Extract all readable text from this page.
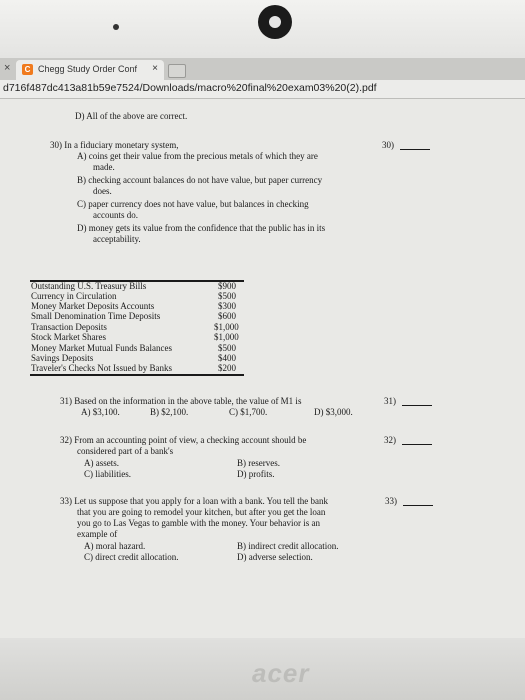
×	C Chegg Study Order Conf ×
d716f487dc413a81b59e7524/Downloads/macro%20final%20exam03%20(2).pdf
D) All of the above are correct.
30) In a fiduciary monetary system,	30)
A) coins get their value from the precious metals of which they are
made.
B) checking account balances do not have value, but paper currency
does.
C) paper currency does not have value, but balances in checking
accounts do.
D) money gets its value from the confidence that the public has in its
acceptability.
Outstanding U.S. Treasury Bills	$900
Currency in Circulation	$500
Money Market Deposits Accounts	$300
Small Denomination Time Deposits	$600
Transaction Deposits	$1,000
Stock Market Shares	$1,000
Money Market Mutual Funds Balances	$500
Savings Deposits	$400
Traveler's Checks Not Issued by Banks	$200
31) Based on the information in the above table, the value of M1 is	31)
A) $3,100.	B) $2,100.	C) $1,700.	D) $3,000.
32) From an accounting point of view, a checking account should be	32)
considered part of a bank's
A) assets.	B) reserves.
C) liabilities.	D) profits.
33) Let us suppose that you apply for a loan with a bank. You tell the bank	33)
that you are going to remodel your kitchen, but after you get the loan
you go to Las Vegas to gamble with the money. Your behavior is an
example of
A) moral hazard.	B) indirect credit allocation.
C) direct credit allocation.	D) adverse selection.
acer
